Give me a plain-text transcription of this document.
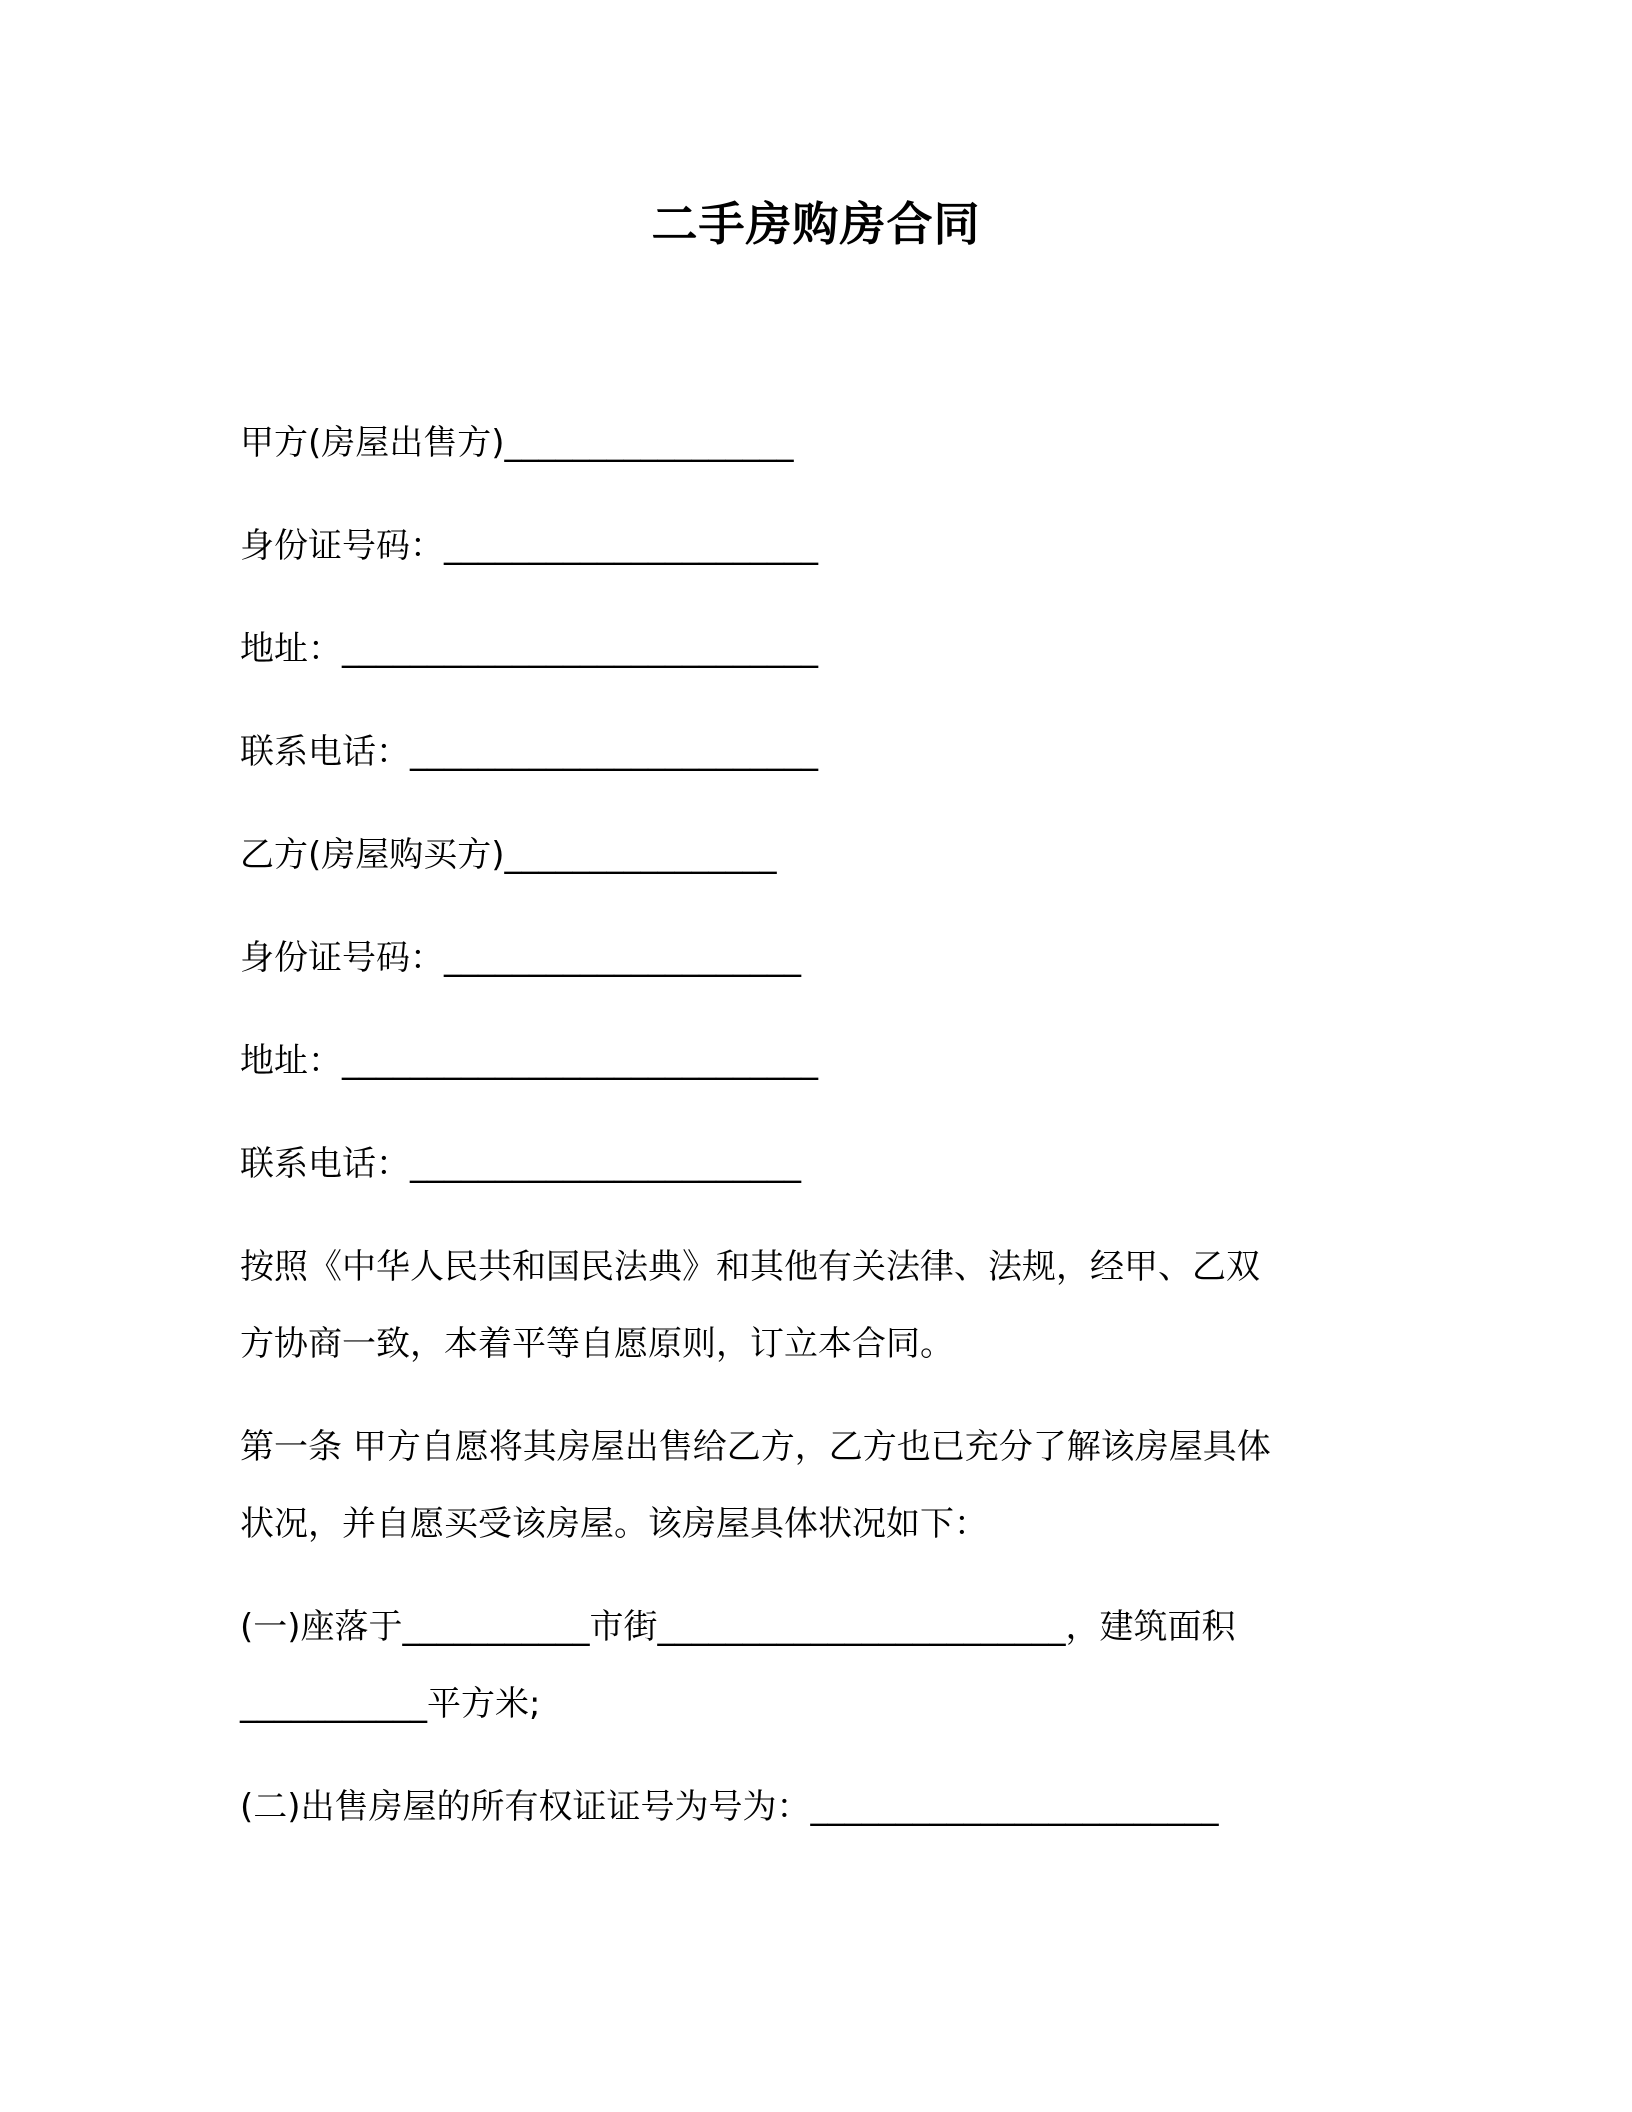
二手房购房合同
甲方(房屋出售方)_________________
身份证号码：______________________
地址：____________________________
联系电话：________________________
乙方(房屋购买方)________________
身份证号码：_____________________
地址：____________________________
联系电话：_______________________
按照《中华人民共和国民法典》和其他有关法律、法规，经甲、乙双
方协商一致，本着平等自愿原则，订立本合同。
第一条 甲方自愿将其房屋出售给乙方，乙方也已充分了解该房屋具体
状况，并自愿买受该房屋。该房屋具体状况如下：
(一)座落于___________市街________________________，建筑面积
___________平方米;
(二)出售房屋的所有权证证号为号为：________________________
